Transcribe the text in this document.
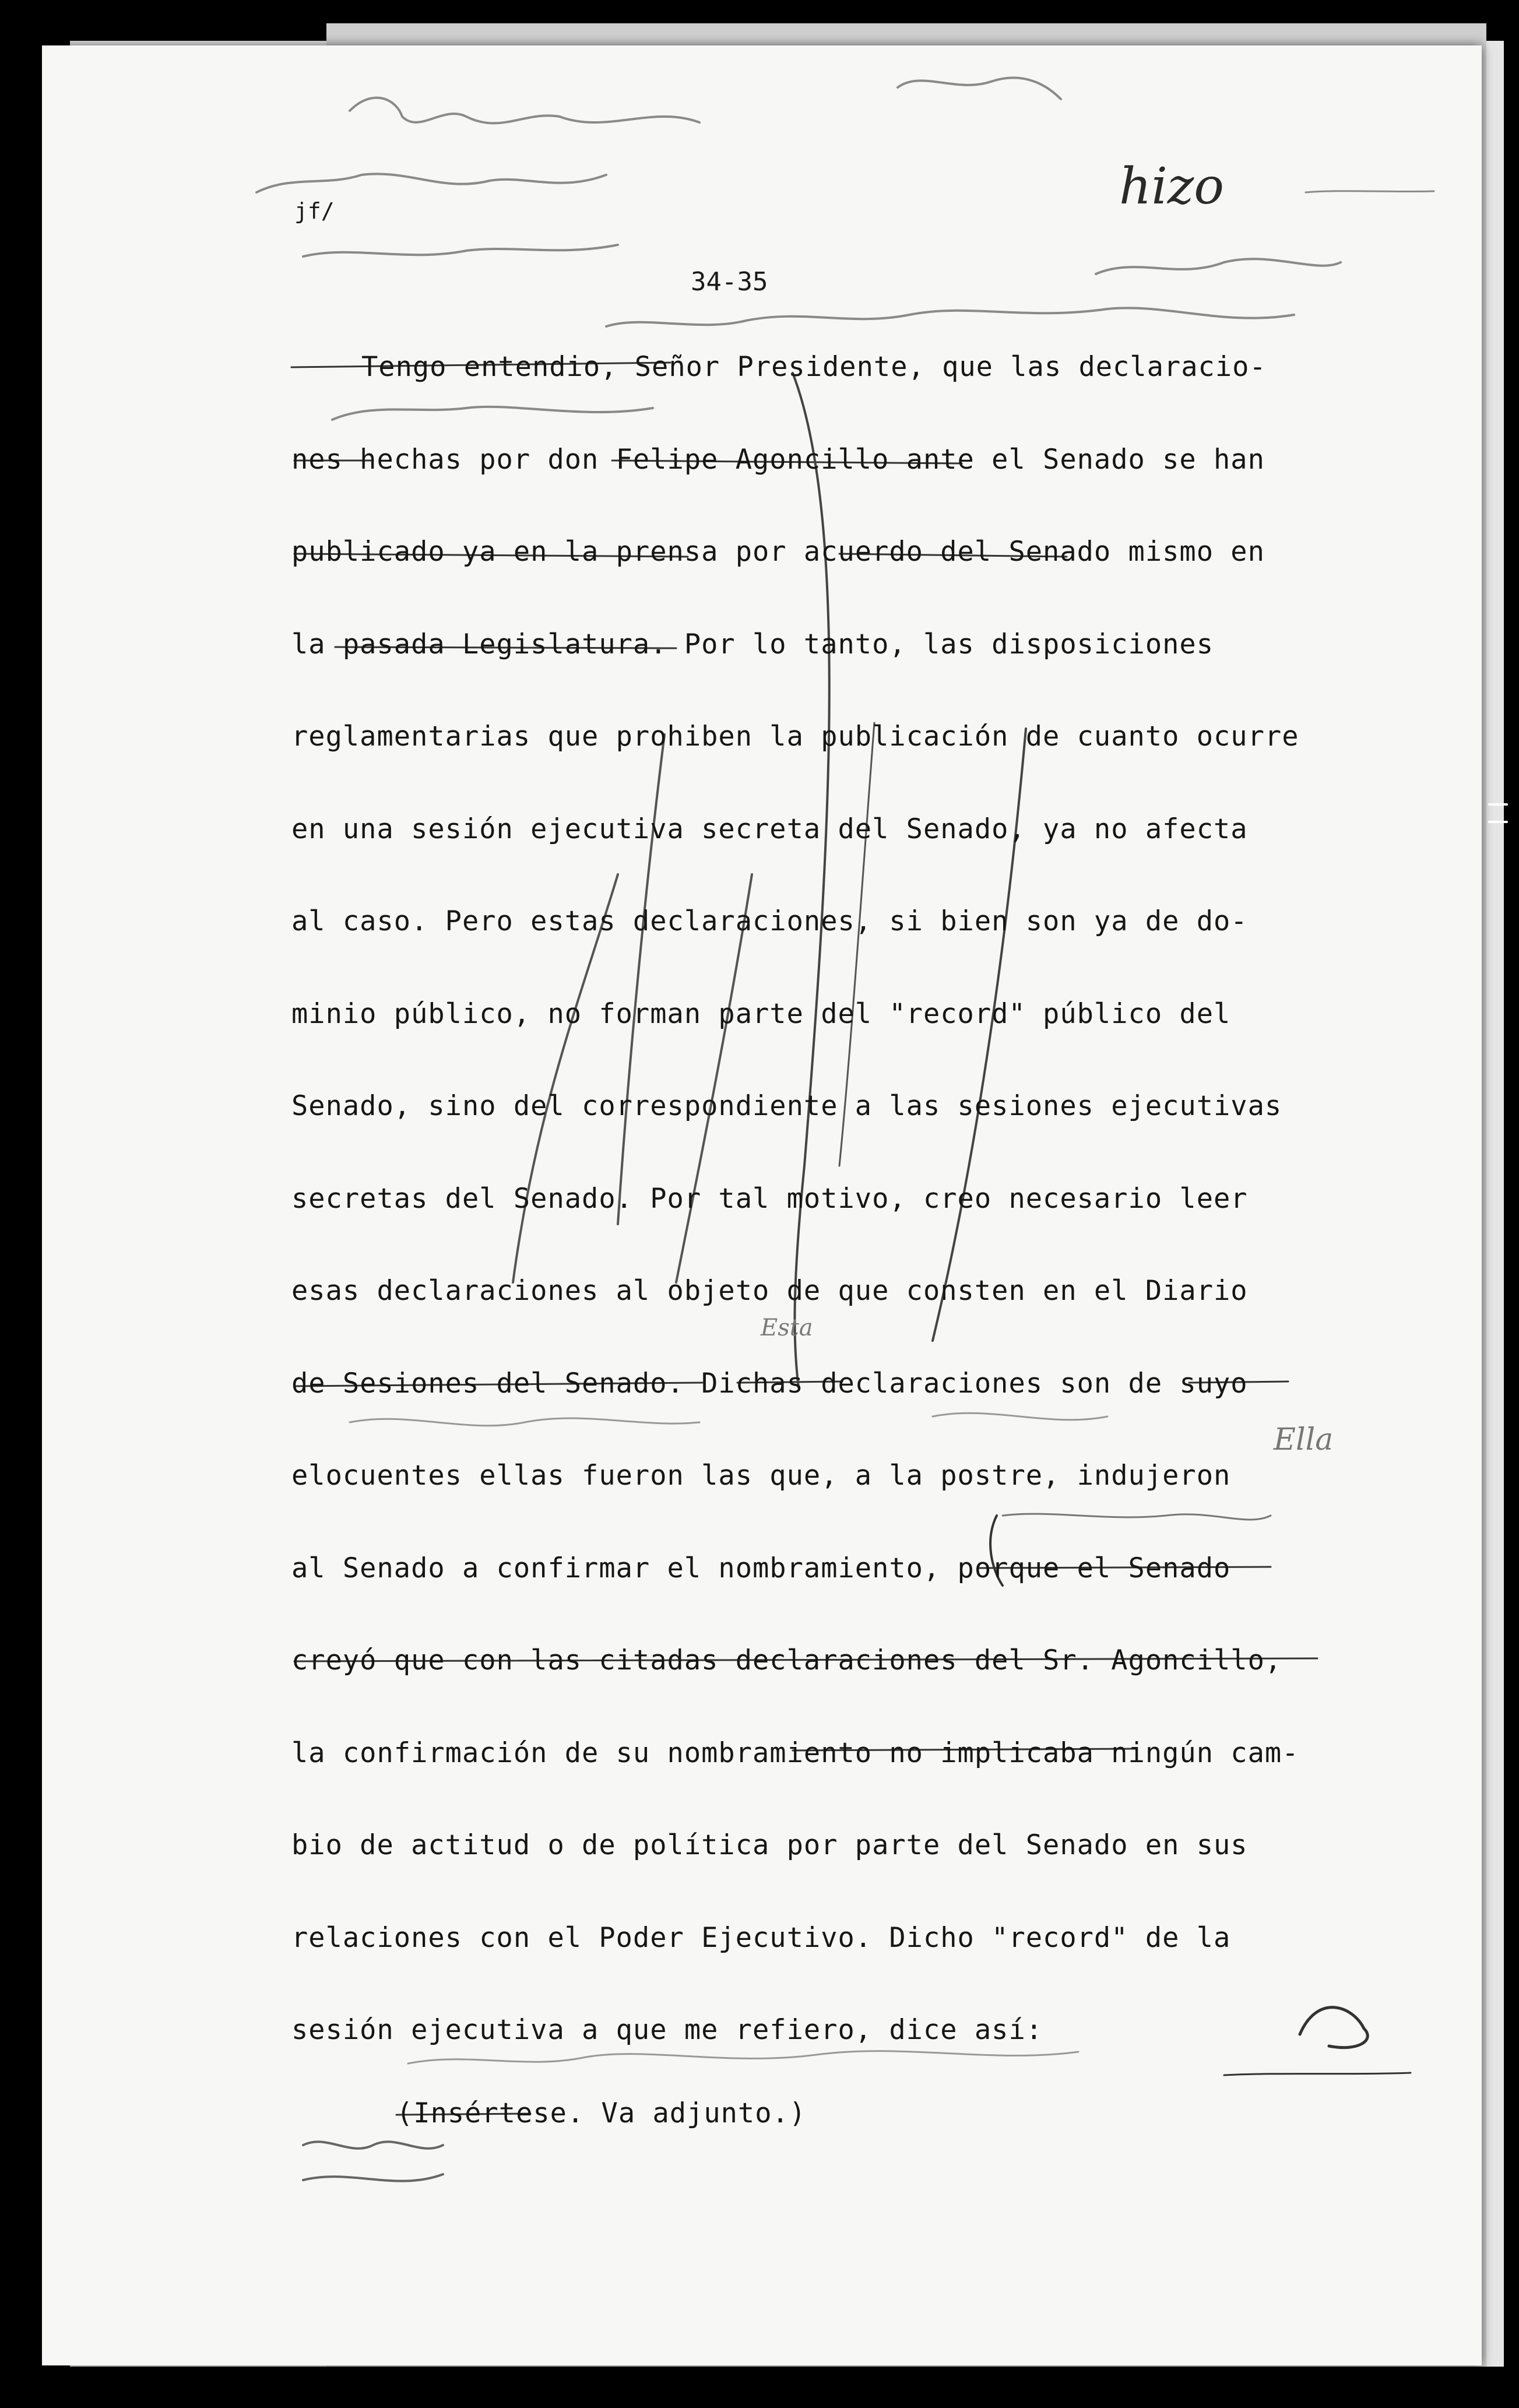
jf/
34-35
hizo
Esta
Ella
Tengo entendio, Señor Presidente, que las declaracio-
nes hechas por don Felipe Agoncillo ante el Senado se han
publicado ya en la prensa por acuerdo del Senado mismo en
la pasada Legislatura. Por lo tanto, las disposiciones
reglamentarias que prohiben la publicación de cuanto ocurre
en una sesión ejecutiva secreta del Senado, ya no afecta
al caso. Pero estas declaraciones, si bien son ya de do-
minio público, no forman parte del "record" público del
Senado, sino del correspondiente a las sesiones ejecutivas
secretas del Senado. Por tal motivo, creo necesario leer
esas declaraciones al objeto de que consten en el Diario
de Sesiones del Senado. Dichas declaraciones son de suyo
elocuentes ellas fueron las que, a la postre, indujeron
al Senado a confirmar el nombramiento, porque el Senado
creyó que con las citadas declaraciones del Sr. Agoncillo,
la confirmación de su nombramiento no implicaba ningún cam-
bio de actitud o de política por parte del Senado en sus
relaciones con el Poder Ejecutivo. Dicho "record" de la
sesión ejecutiva a que me refiero, dice así:
(Insértese. Va adjunto.)
